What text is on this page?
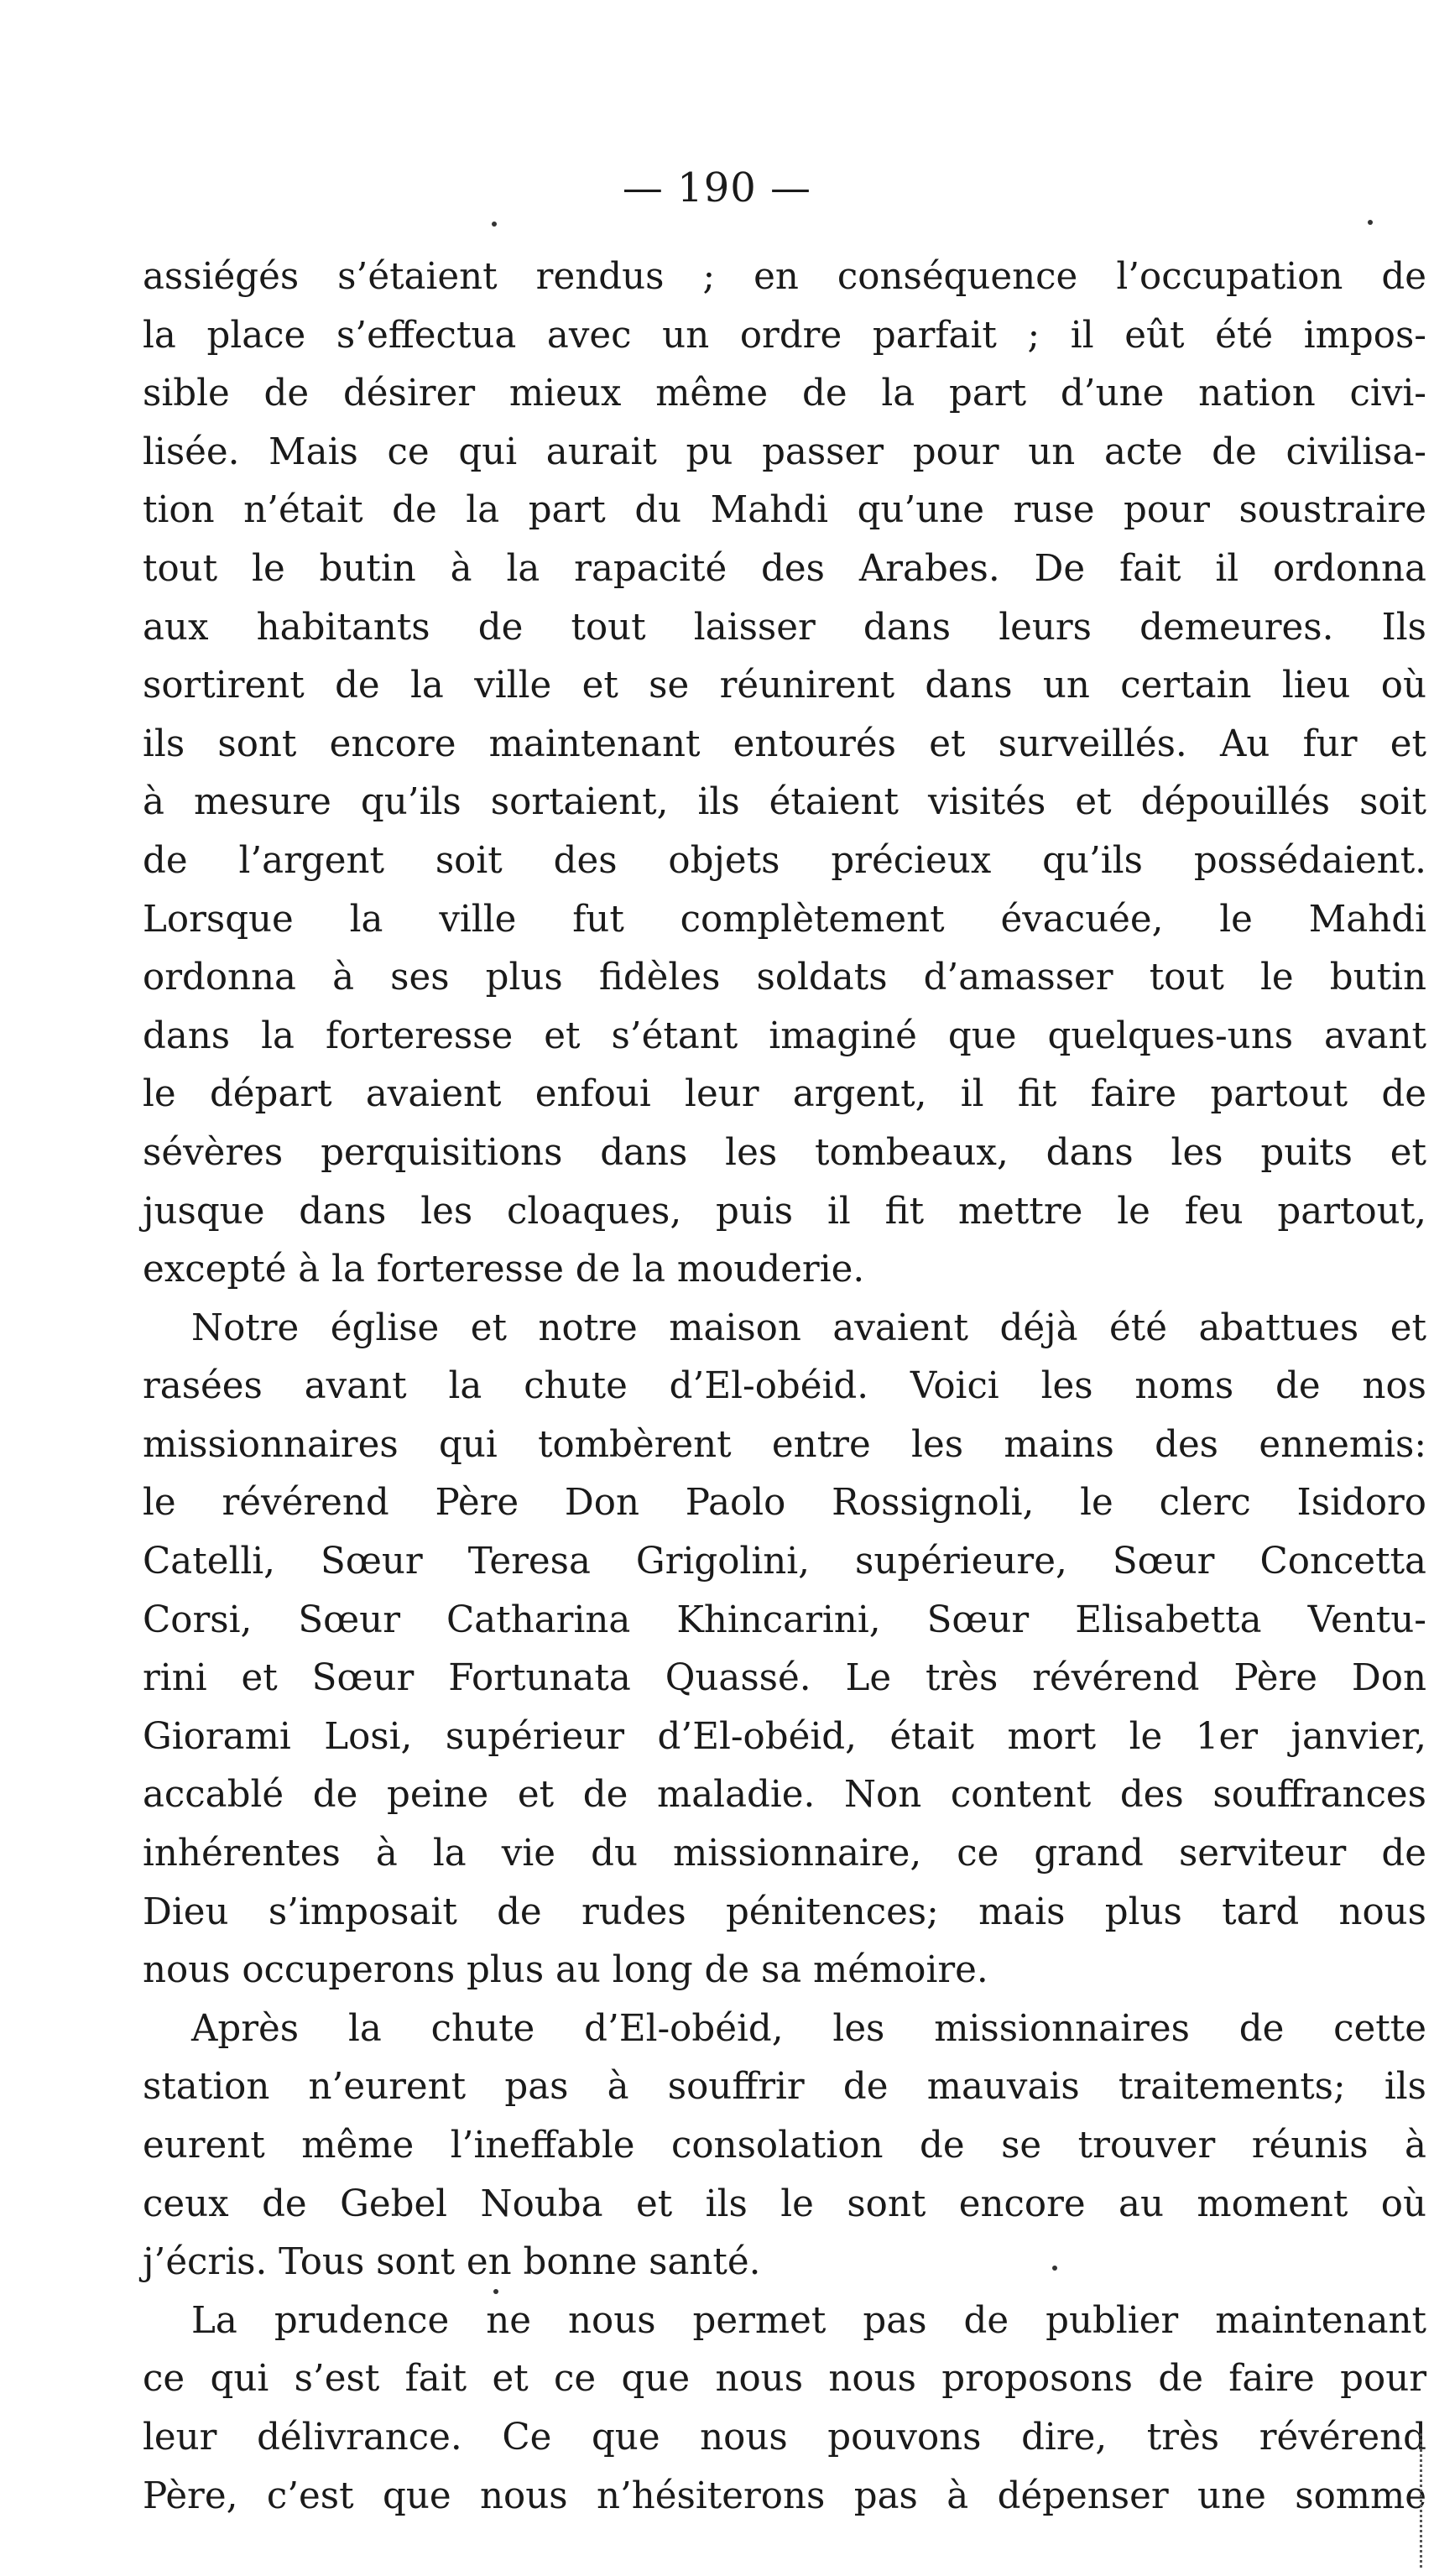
— 190 —
assiégés s’étaient rendus ; en conséquence l’occupation de
la place s’effectua avec un ordre parfait ; il eût été impos-
sible de désirer mieux même de la part d’une nation civi-
lisée. Mais ce qui aurait pu passer pour un acte de civilisa-
tion n’était de la part du Mahdi qu’une ruse pour soustraire
tout le butin à la rapacité des Arabes. De fait il ordonna
aux habitants de tout laisser dans leurs demeures. Ils
sortirent de la ville et se réunirent dans un certain lieu où
ils sont encore maintenant entourés et surveillés. Au fur et
à mesure qu’ils sortaient, ils étaient visités et dépouillés soit
de l’argent soit des objets précieux qu’ils possédaient.
Lorsque la ville fut complètement évacuée, le Mahdi
ordonna à ses plus fidèles soldats d’amasser tout le butin
dans la forteresse et s’étant imaginé que quelques-uns avant
le départ avaient enfoui leur argent, il fit faire partout de
sévères perquisitions dans les tombeaux, dans les puits et
jusque dans les cloaques, puis il fit mettre le feu partout,
excepté à la forteresse de la mouderie.
Notre église et notre maison avaient déjà été abattues et
rasées avant la chute d’El-obéid. Voici les noms de nos
missionnaires qui tombèrent entre les mains des ennemis:
le révérend Père Don Paolo Rossignoli, le clerc Isidoro
Catelli, Sœur Teresa Grigolini, supérieure, Sœur Concetta
Corsi, Sœur Catharina Khincarini, Sœur Elisabetta Ventu-
rini et Sœur Fortunata Quassé. Le très révérend Père Don
Giorami Losi, supérieur d’El-obéid, était mort le 1er janvier,
accablé de peine et de maladie. Non content des souffrances
inhérentes à la vie du missionnaire, ce grand serviteur de
Dieu s’imposait de rudes pénitences; mais plus tard nous
nous occuperons plus au long de sa mémoire.
Après la chute d’El-obéid, les missionnaires de cette
station n’eurent pas à souffrir de mauvais traitements; ils
eurent même l’ineffable consolation de se trouver réunis à
ceux de Gebel Nouba et ils le sont encore au moment où
j’écris. Tous sont en bonne santé.
La prudence ne nous permet pas de publier maintenant
ce qui s’est fait et ce que nous nous proposons de faire pour
leur délivrance. Ce que nous pouvons dire, très révérend
Père, c’est que nous n’hésiterons pas à dépenser une somme
